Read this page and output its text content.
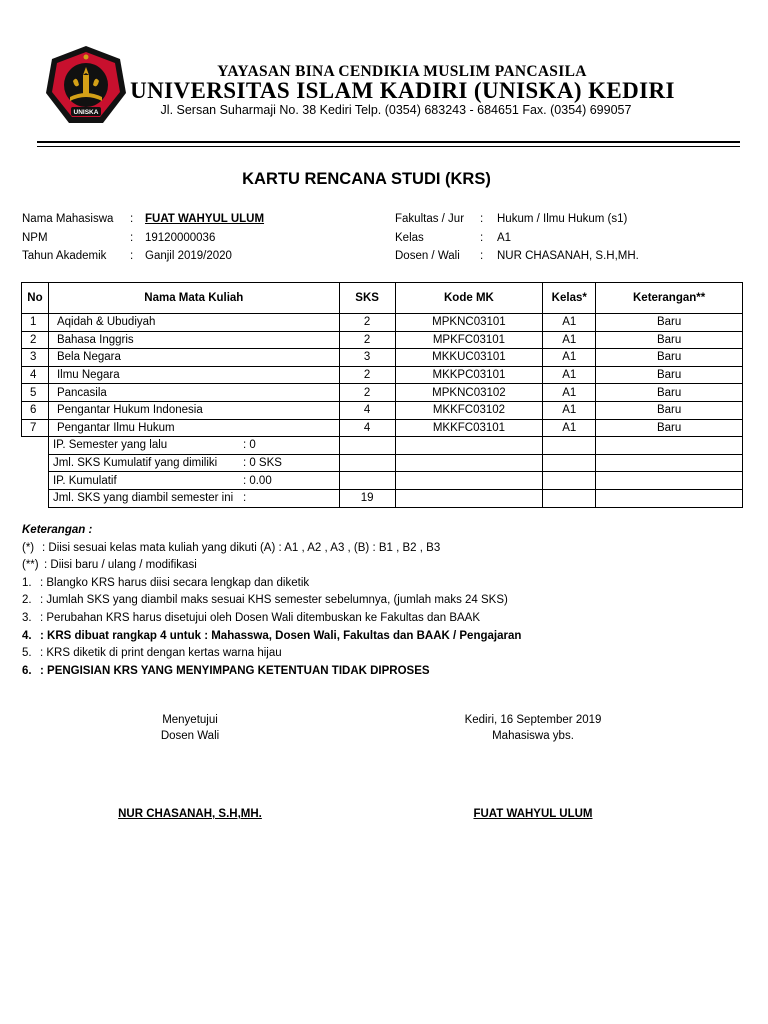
UNISKA
YAYASAN BINA CENDIKIA MUSLIM PANCASILA
UNIVERSITAS ISLAM KADIRI (UNISKA) KEDIRI
Jl. Sersan Suharmaji No. 38 Kediri Telp. (0354) 683243 - 684651 Fax. (0354) 699057
KARTU RENCANA STUDI (KRS)
Nama Mahasiswa	:	FUAT WAHYUL ULUM
NPM	:	19120000036
Tahun Akademik	:	Ganjil 2019/2020
Fakultas / Jur	:	Hukum / Ilmu Hukum (s1)
Kelas	:	A1
Dosen / Wali	:	NUR CHASANAH, S.H,MH.
No	Nama Mata Kuliah	SKS	Kode MK	Kelas*	Keterangan**
1	Aqidah & Ubudiyah	2	MPKNC03101	A1	Baru
2	Bahasa Inggris	2	MPKFC03101	A1	Baru
3	Bela Negara	3	MKKUC03101	A1	Baru
4	Ilmu Negara	2	MKKPC03101	A1	Baru
5	Pancasila	2	MPKNC03102	A1	Baru
6	Pengantar Hukum Indonesia	4	MKKFC03102	A1	Baru
7	Pengantar Ilmu Hukum	4	MKKFC03101	A1	Baru

	IP. Semester yang lalu : 0				

	Jml. SKS Kumulatif yang dimiliki : 0 SKS				

	IP. Kumulatif : 0.00				

	Jml. SKS yang diambil semester ini :	19			
Keterangan :
(*) : Diisi sesuai kelas mata kuliah yang dikuti (A) : A1 , A2 , A3 , (B) : B1 , B2 , B3
(**) : Diisi baru / ulang / modifikasi
1. : Blangko KRS harus diisi secara lengkap dan diketik
2. : Jumlah SKS yang diambil maks sesuai KHS semester sebelumnya, (jumlah maks 24 SKS)
3. : Perubahan KRS harus disetujui oleh Dosen Wali ditembuskan ke Fakultas dan BAAK
4. : KRS dibuat rangkap 4 untuk : Mahasswa, Dosen Wali, Fakultas dan BAAK / Pengajaran
5. : KRS diketik di print dengan kertas warna hijau
6. : PENGISIAN KRS YANG MENYIMPANG KETENTUAN TIDAK DIPROSES
Menyetujui
Dosen Wali
Kediri, 16 September 2019
Mahasiswa ybs.
NUR CHASANAH, S.H,MH.	FUAT WAHYUL ULUM
